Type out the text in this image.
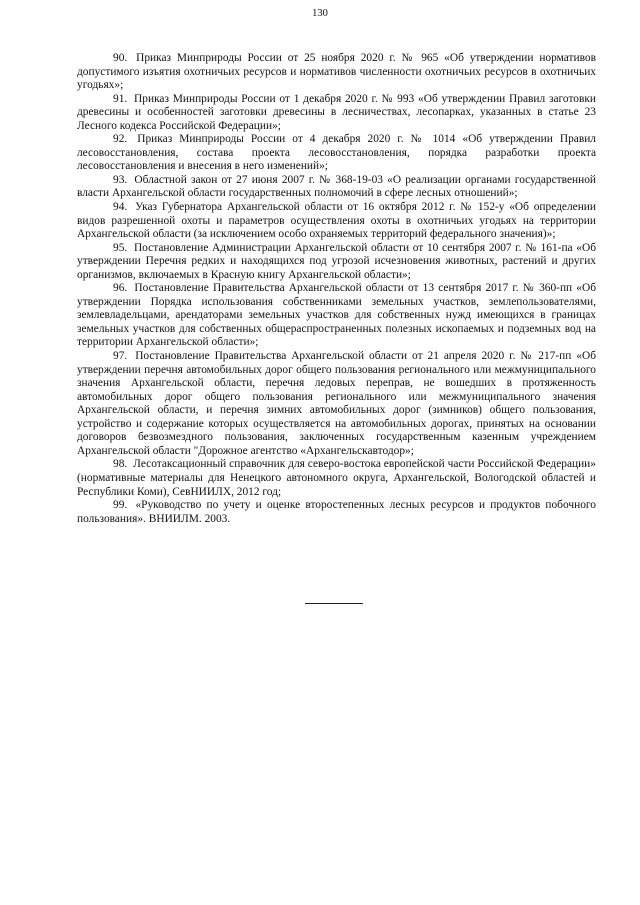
130

90. Приказ Минприроды России от 25 ноября 2020 г. № 965 «Об утверждении нормативов допустимого изъятия охотничьих ресурсов и нормативов численности охотничьих ресурсов в охотничьих угодьях»;

91. Приказ Минприроды России от 1 декабря 2020 г. № 993 «Об утверждении Правил заготовки древесины и особенностей заготовки древесины в лесничествах, лесопарках, указанных в статье 23 Лесного кодекса Российской Федерации»;

92. Приказ Минприроды России от 4 декабря 2020 г. № 1014 «Об утверждении Правил лесовосстановления, состава проекта лесовосстановления, порядка разработки проекта лесовосстановления и внесения в него изменений»;

93. Областной закон от 27 июня 2007 г. № 368-19-03 «О реализации органами государственной власти Архангельской области государственных полномочий в сфере лесных отношений»;

94. Указ Губернатора Архангельской области от 16 октября 2012 г. № 152-у «Об определении видов разрешенной охоты и параметров осуществления охоты в охотничьих угодьях на территории Архангельской области (за исключением особо охраняемых территорий федерального значения)»;

95. Постановление Администрации Архангельской области от 10 сентября 2007 г. № 161-па «Об утверждении Перечня редких и находящихся под угрозой исчезновения животных, растений и других организмов, включаемых в Красную книгу Архангельской области»;

96. Постановление Правительства Архангельской области от 13 сентября 2017 г. № 360-пп «Об утверждении Порядка использования собственниками земельных участков, землепользователями, землевладельцами, арендаторами земельных участков для собственных нужд имеющихся в границах земельных участков для собственных общераспространенных полезных ископаемых и подземных вод на территории Архангельской области»;

97. Постановление Правительства Архангельской области от 21 апреля 2020 г. № 217-пп «Об утверждении перечня автомобильных дорог общего пользования регионального или межмуниципального значения Архангельской области, перечня ледовых переправ, не вошедших в протяженность автомобильных дорог общего пользования регионального или межмуниципального значения Архангельской области, и перечня зимних автомобильных дорог (зимников) общего пользования, устройство и содержание которых осуществляется на автомобильных дорогах, принятых на основании договоров безвозмездного пользования, заключенных государственным казенным учреждением Архангельской области "Дорожное агентство «Архангельскавтодор»;

98. Лесотаксационный справочник для северо-востока европейской части Российской Федерации» (нормативные материалы для Ненецкого автономного округа, Архангельской, Вологодской областей и Республики Коми), СевНИИЛХ, 2012 год;

99. «Руководство по учету и оценке второстепенных лесных ресурсов и продуктов побочного пользования». ВНИИЛМ. 2003.
